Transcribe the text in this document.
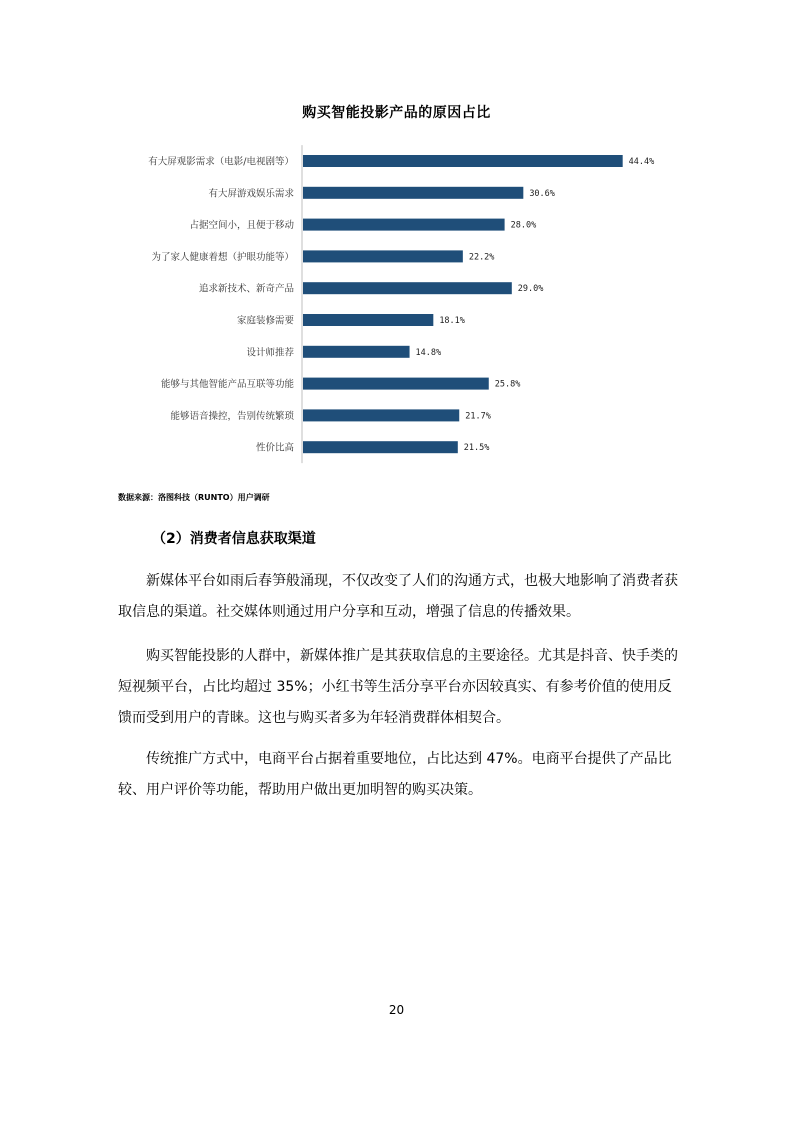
购买智能投影产品的原因占比
有大屏观影需求（电影/电视剧等）	44.4%
有大屏游戏娱乐需求	30.6%
占据空间小，且便于移动	28.0%
为了家人健康着想（护眼功能等）	22.2%
追求新技术、新奇产品	29.0%
家庭装修需要	18.1%
设计师推荐	14.8%
能够与其他智能产品互联等功能	25.8%
能够语音操控，告别传统繁琐	21.7%
性价比高	21.5%
数据来源：洛图科技（RUNTO）用户调研
（2）消费者信息获取渠道

新媒体平台如雨后春笋般涌现，不仅改变了人们的沟通方式，也极大地影响了消费者获取信息的渠道。社交媒体则通过用户分享和互动，增强了信息的传播效果。

购买智能投影的人群中，新媒体推广是其获取信息的主要途径。尤其是抖音、快手类的短视频平台，占比均超过 35%；小红书等生活分享平台亦因较真实、有参考价值的使用反馈而受到用户的青睐。这也与购买者多为年轻消费群体相契合。

传统推广方式中，电商平台占据着重要地位，占比达到 47%。电商平台提供了产品比较、用户评价等功能，帮助用户做出更加明智的购买决策。

20
